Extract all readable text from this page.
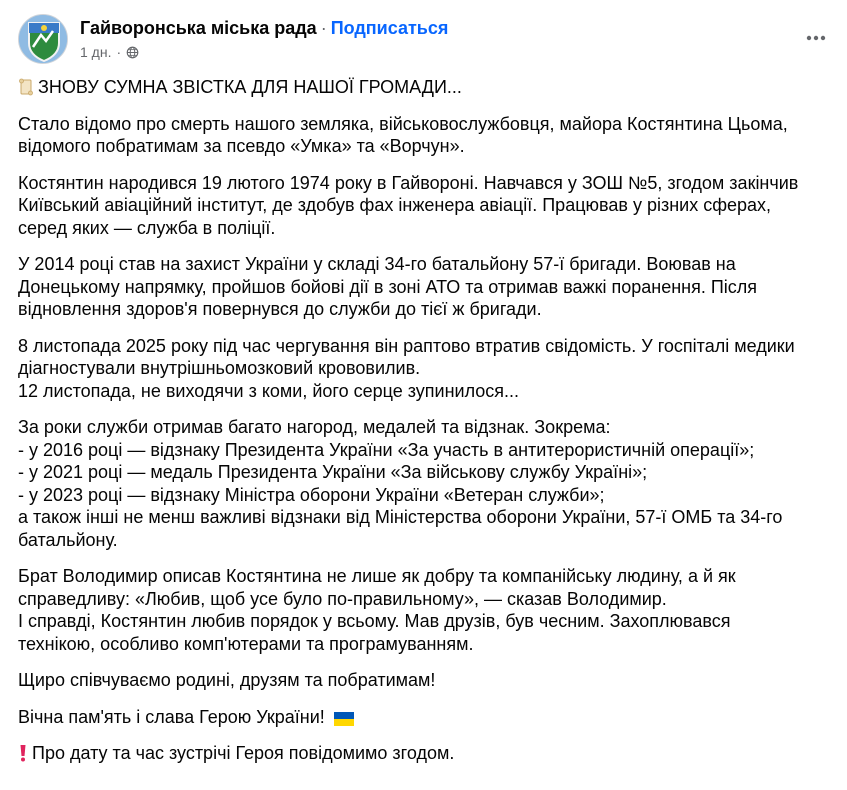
Гайворонська міська рада · Подписаться
1 дн. ·

ЗНОВУ СУМНА ЗВІСТКА ДЛЯ НАШОЇ ГРОМАДИ...

Стало відомо про смерть нашого земляка, військовослужбовця, майора Костянтина Цьома,
відомого побратимам за псевдо «Умка» та «Ворчун».

Костянтин народився 19 лютого 1974 року в Гайвороні. Навчався у ЗОШ №5, згодом закінчив
Київський авіаційний інститут, де здобув фах інженера авіації. Працював у різних сферах,
серед яких — служба в поліції.

У 2014 році став на захист України у складі 34-го батальйону 57-ї бригади. Воював на
Донецькому напрямку, пройшов бойові дії в зоні АТО та отримав важкі поранення. Після
відновлення здоров'я повернувся до служби до тієї ж бригади.

8 листопада 2025 року під час чергування він раптово втратив свідомість. У госпіталі медики
діагностували внутрішньомозковий крововилив.
12 листопада, не виходячи з коми, його серце зупинилося...

За роки служби отримав багато нагород, медалей та відзнак. Зокрема:
- у 2016 році — відзнаку Президента України «За участь в антитерористичній операції»;
- у 2021 році — медаль Президента України «За військову службу Україні»;
- у 2023 році — відзнаку Міністра оборони України «Ветеран служби»;
а також інші не менш важливі відзнаки від Міністерства оборони України, 57-ї ОМБ та 34-го
батальйону.

Брат Володимир описав Костянтина не лише як добру та компанійську людину, а й як
справедливу: «Любив, щоб усе було по-правильному», — сказав Володимир.
І справді, Костянтин любив порядок у всьому. Мав друзів, був чесним. Захоплювався
технікою, особливо комп'ютерами та програмуванням.

Щиро співчуваємо родині, друзям та побратимам!

Вічна пам'ять і слава Герою України!

Про дату та час зустрічі Героя повідомимо згодом.
